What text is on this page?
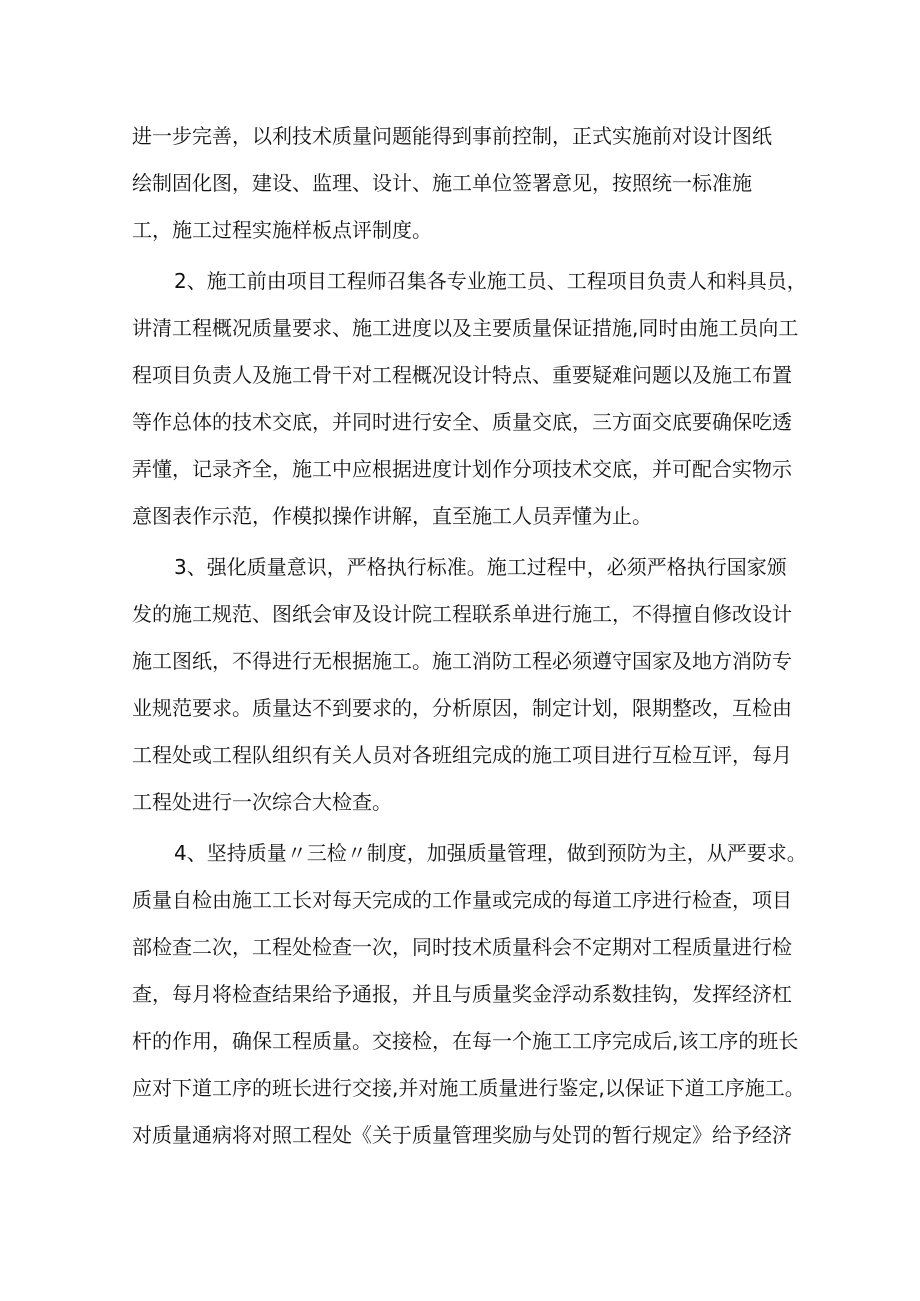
进一步完善，以利技术质量问题能得到事前控制，正式实施前对设计图纸
绘制固化图，建设、监理、设计、施工单位签署意见，按照统一标准施
工，施工过程实施样板点评制度。
2、施工前由项目工程师召集各专业施工员、工程项目负责人和料具员，
讲清工程概况质量要求、施工进度以及主要质量保证措施,同时由施工员向工
程项目负责人及施工骨干对工程概况设计特点、重要疑难问题以及施工布置
等作总体的技术交底，并同时进行安全、质量交底，三方面交底要确保吃透
弄懂，记录齐全，施工中应根据进度计划作分项技术交底，并可配合实物示
意图表作示范，作模拟操作讲解，直至施工人员弄懂为止。
3、强化质量意识，严格执行标准。施工过程中，必须严格执行国家颁
发的施工规范、图纸会审及设计院工程联系单进行施工，不得擅自修改设计
施工图纸，不得进行无根据施工。施工消防工程必须遵守国家及地方消防专
业规范要求。质量达不到要求的，分析原因，制定计划，限期整改，互检由
工程处或工程队组织有关人员对各班组完成的施工项目进行互检互评，每月
工程处进行一次综合大检查。
4、坚持质量〃三检〃制度，加强质量管理，做到预防为主，从严要求。
质量自检由施工工长对每天完成的工作量或完成的每道工序进行检查，项目
部检查二次，工程处检查一次，同时技术质量科会不定期对工程质量进行检
查，每月将检查结果给予通报，并且与质量奖金浮动系数挂钩，发挥经济杠
杆的作用，确保工程质量。交接检，在每一个施工工序完成后,该工序的班长
应对下道工序的班长进行交接,并对施工质量进行鉴定,以保证下道工序施工。
对质量通病将对照工程处《关于质量管理奖励与处罚的暂行规定》给予经济
